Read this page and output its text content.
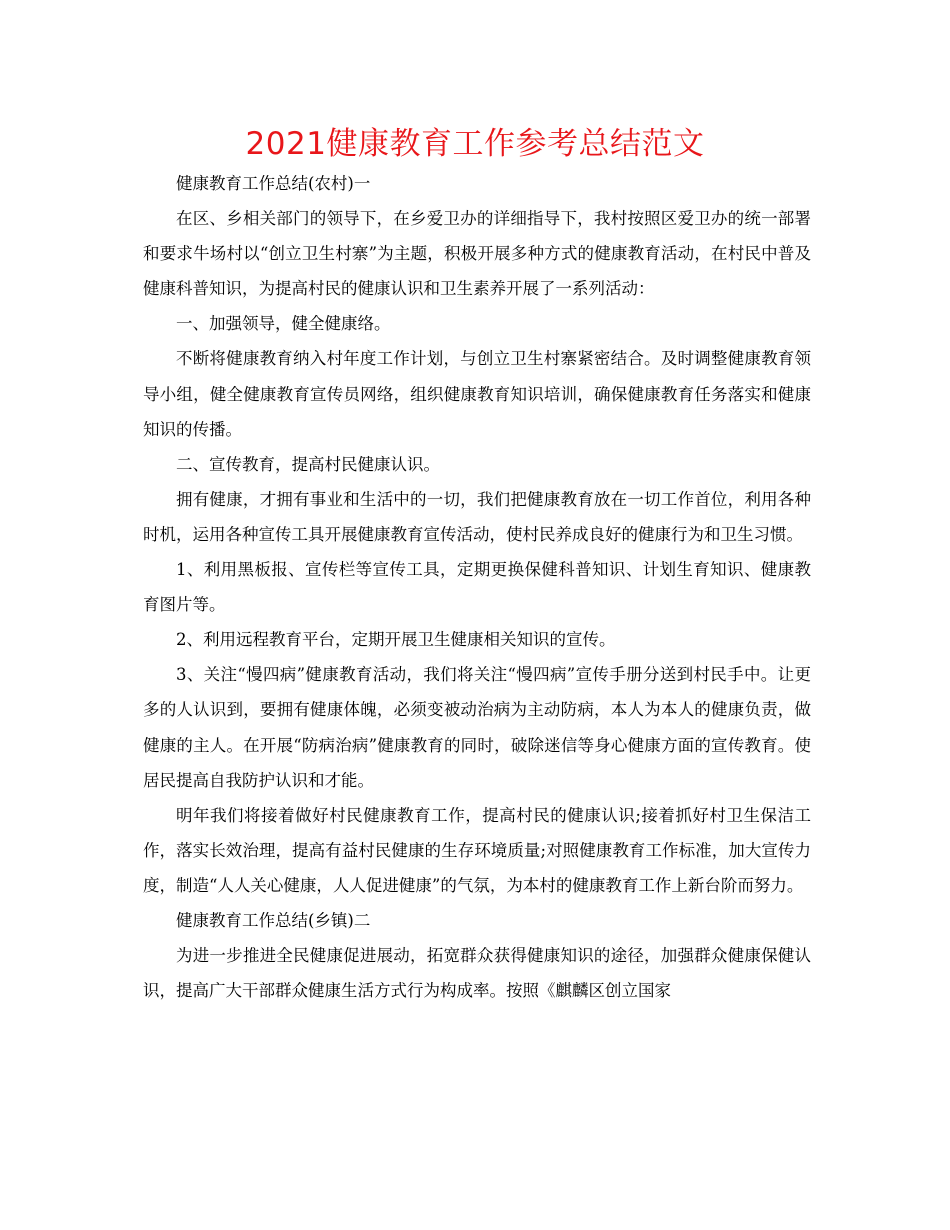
2021健康教育工作参考总结范文

健康教育工作总结(农村)一

在区、乡相关部门的领导下，在乡爱卫办的详细指导下，我村按照区爱卫办的统一部署和要求牛场村以“创立卫生村寨”为主题，积极开展多种方式的健康教育活动，在村民中普及健康科普知识，为提高村民的健康认识和卫生素养开展了一系列活动：

一、加强领导，健全健康络。

不断将健康教育纳入村年度工作计划，与创立卫生村寨紧密结合。及时调整健康教育领导小组，健全健康教育宣传员网络，组织健康教育知识培训，确保健康教育任务落实和健康知识的传播。

二、宣传教育，提高村民健康认识。

拥有健康，才拥有事业和生活中的一切，我们把健康教育放在一切工作首位，利用各种时机，运用各种宣传工具开展健康教育宣传活动，使村民养成良好的健康行为和卫生习惯。

1、利用黑板报、宣传栏等宣传工具，定期更换保健科普知识、计划生育知识、健康教育图片等。

2、利用远程教育平台，定期开展卫生健康相关知识的宣传。

3、关注“慢四病”健康教育活动，我们将关注“慢四病”宣传手册分送到村民手中。让更多的人认识到，要拥有健康体魄，必须变被动治病为主动防病，本人为本人的健康负责，做健康的主人。在开展“防病治病”健康教育的同时，破除迷信等身心健康方面的宣传教育。使居民提高自我防护认识和才能。

明年我们将接着做好村民健康教育工作，提高村民的健康认识;接着抓好村卫生保洁工作，落实长效治理，提高有益村民健康的生存环境质量;对照健康教育工作标准，加大宣传力度，制造“人人关心健康，人人促进健康”的气氛，为本村的健康教育工作上新台阶而努力。

健康教育工作总结(乡镇)二

为进一步推进全民健康促进展动，拓宽群众获得健康知识的途径，加强群众健康保健认识，提高广大干部群众健康生活方式行为构成率。按照《麒麟区创立国家
